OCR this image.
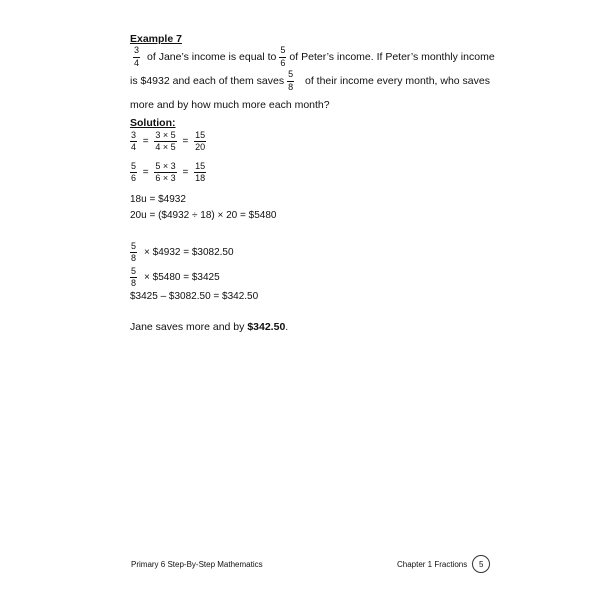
Example 7
$\frac{3}{4}$ of Jane’s income is equal to $\frac{5}{6}$ of Peter’s income. If Peter’s monthly income
is $4932 and each of them saves $\frac{5}{8}$ of their income every month, who saves
more and by how much more each month?
Solution:
$\frac{3}{4} = \frac{3 \times 5}{4 \times 5} = \frac{15}{20}$
$\frac{5}{6} = \frac{5 \times 3}{6 \times 3} = \frac{15}{18}$
18u = $4932
20u = ($4932 ÷ 18) × 20 = $5480
$\frac{5}{8}$ × $4932 = $3082.50
$\frac{5}{8}$ × $5480 = $3425
$3425 – $3082.50 = $342.50
Jane saves more and by $342.50.
Primary 6 Step-By-Step Mathematics	Chapter 1 Fractions	5
